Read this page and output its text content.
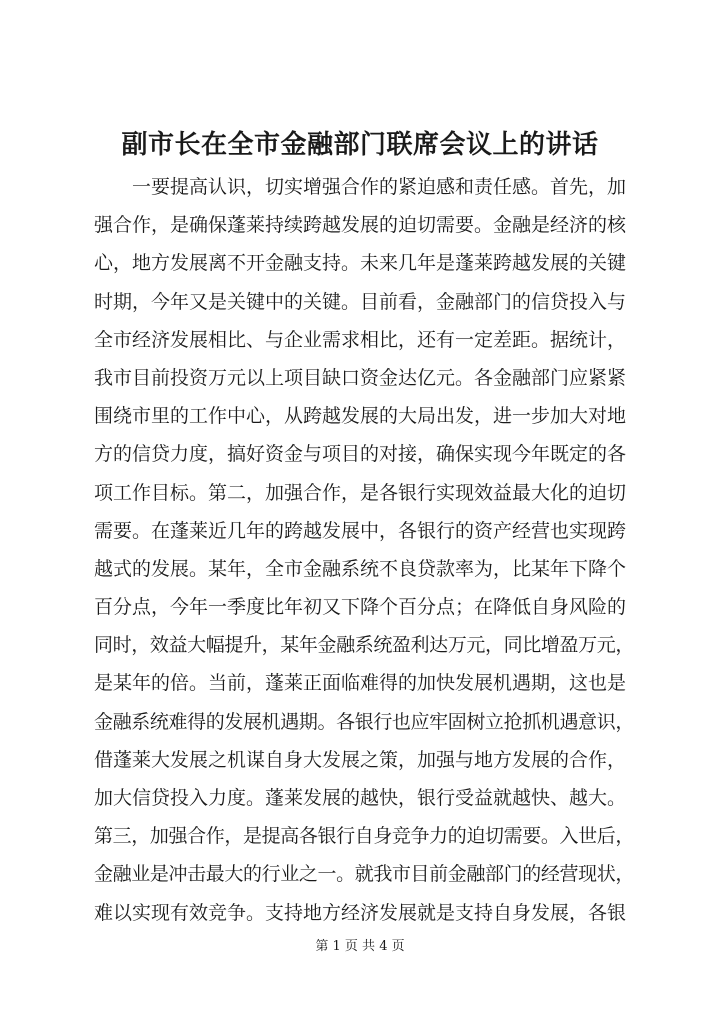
副市长在全市金融部门联席会议上的讲话
　　一要提高认识，切实增强合作的紧迫感和责任感。首先，加
强合作，是确保蓬莱持续跨越发展的迫切需要。金融是经济的核
心，地方发展离不开金融支持。未来几年是蓬莱跨越发展的关键
时期，今年又是关键中的关键。目前看，金融部门的信贷投入与
全市经济发展相比、与企业需求相比，还有一定差距。据统计，
我市目前投资万元以上项目缺口资金达亿元。各金融部门应紧紧
围绕市里的工作中心，从跨越发展的大局出发，进一步加大对地
方的信贷力度，搞好资金与项目的对接，确保实现今年既定的各
项工作目标。第二，加强合作，是各银行实现效益最大化的迫切
需要。在蓬莱近几年的跨越发展中，各银行的资产经营也实现跨
越式的发展。某年，全市金融系统不良贷款率为，比某年下降个
百分点，今年一季度比年初又下降个百分点；在降低自身风险的
同时，效益大幅提升，某年金融系统盈利达万元，同比增盈万元，
是某年的倍。当前，蓬莱正面临难得的加快发展机遇期，这也是
金融系统难得的发展机遇期。各银行也应牢固树立抢抓机遇意识，
借蓬莱大发展之机谋自身大发展之策，加强与地方发展的合作，
加大信贷投入力度。蓬莱发展的越快，银行受益就越快、越大。
第三，加强合作，是提高各银行自身竞争力的迫切需要。入世后，
金融业是冲击最大的行业之一。就我市目前金融部门的经营现状，
难以实现有效竞争。支持地方经济发展就是支持自身发展，各银
第 1 页 共 4 页
